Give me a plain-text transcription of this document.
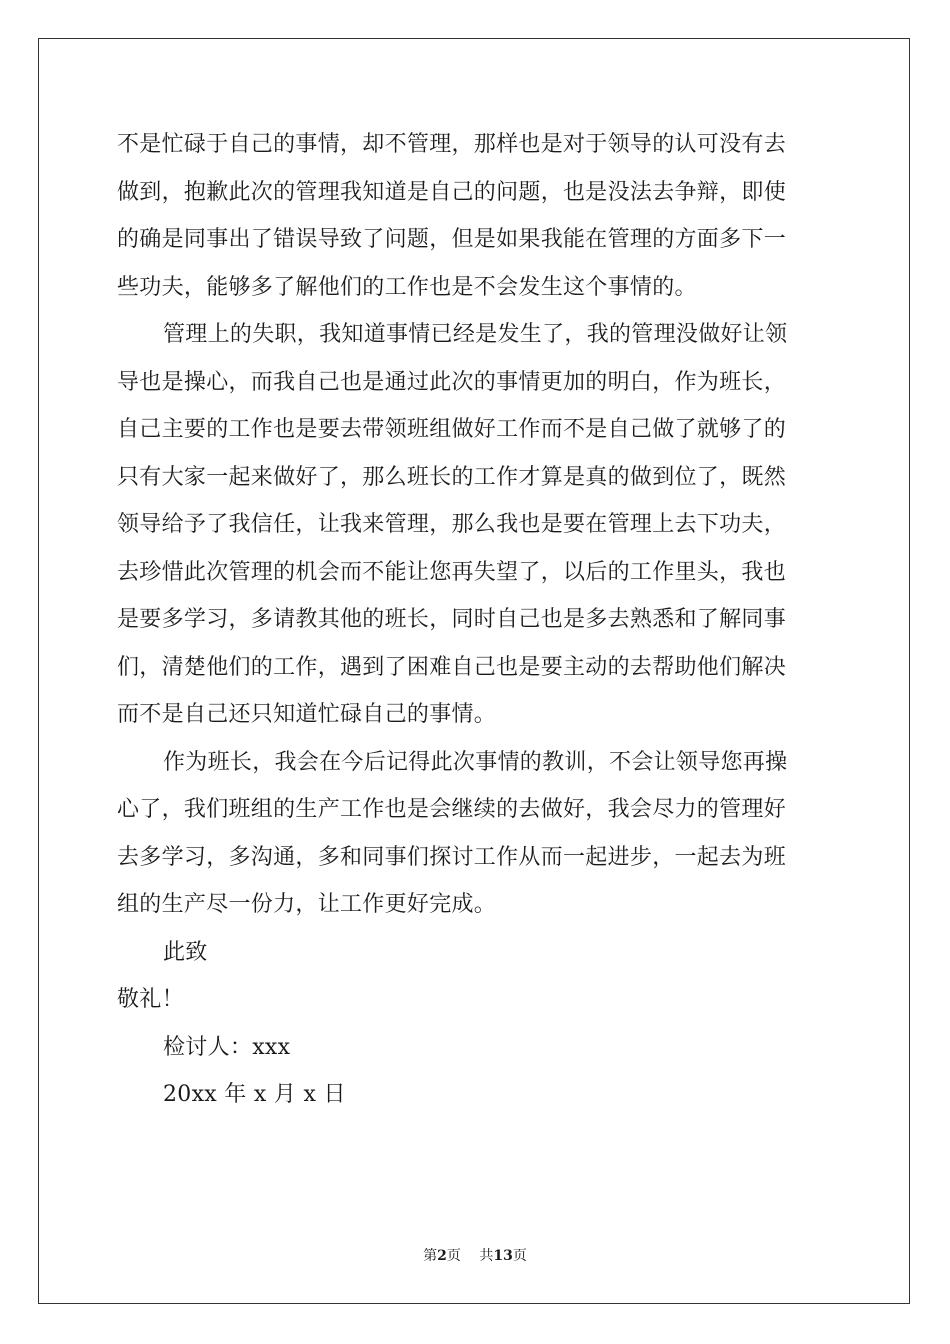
不是忙碌于自己的事情，却不管理，那样也是对于领导的认可没有去
做到，抱歉此次的管理我知道是自己的问题，也是没法去争辩，即使
的确是同事出了错误导致了问题，但是如果我能在管理的方面多下一
些功夫，能够多了解他们的工作也是不会发生这个事情的。
管理上的失职，我知道事情已经是发生了，我的管理没做好让领
导也是操心，而我自己也是通过此次的事情更加的明白，作为班长，
自己主要的工作也是要去带领班组做好工作而不是自己做了就够了的
只有大家一起来做好了，那么班长的工作才算是真的做到位了，既然
领导给予了我信任，让我来管理，那么我也是要在管理上去下功夫，
去珍惜此次管理的机会而不能让您再失望了，以后的工作里头，我也
是要多学习，多请教其他的班长，同时自己也是多去熟悉和了解同事
们，清楚他们的工作，遇到了困难自己也是要主动的去帮助他们解决
而不是自己还只知道忙碌自己的事情。
作为班长，我会在今后记得此次事情的教训，不会让领导您再操
心了，我们班组的生产工作也是会继续的去做好，我会尽力的管理好
去多学习，多沟通，多和同事们探讨工作从而一起进步，一起去为班
组的生产尽一份力，让工作更好完成。
此致
敬礼！
检讨人：xxx
20xx 年 x 月 x 日
第2页　 共13页
